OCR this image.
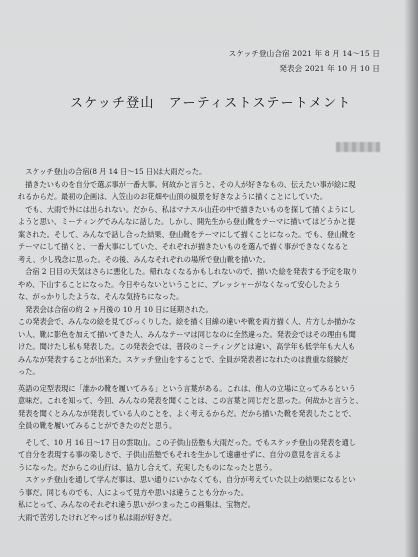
スケッチ登山合宿 2021 年 8 月 14〜15 日
発表会 2021 年 10 月 10 日
スケッチ登山　アーティストステートメント
　スケッチ登山の合宿(8 月 14 日〜15 日)は大雨だった。
　描きたいものを自分で選ぶ事が一番大事。何故かと言うと、その人が好きなもの、伝えたい事が絵に現
れるからだ。最初の企画は、入笠山のお花畑や山頂の風景を好きなように描くことにしていた。
　でも、大雨で外には出られない。だから、私はマナスル山荘の中で描きたいものを探して描くようにし
ようと思い、ミーティングでみんなに話した。しかし、開先生から登山靴をテーマに描いてはどうかと提
案された。そして、みんなで話し合った結果、登山靴をテーマにして描くことになった。でも、登山靴を
テーマにして描くと、一番大事にしていた、それぞれが描きたいものを選んで描く事ができなくなると
考え、少し残念に思った。その後、みんなそれぞれの場所で登山靴を描いた。
　合宿 2 日目の天気はさらに悪化した。帰れなくなるかもしれないので、描いた絵を発表する予定を取り
やめ、下山することになった。今日やらないということに、プレッシャーがなくなって安心したよう
な、がっかりしたような、そんな気持ちになった。
　発表会は合宿の約 2 ヶ月後の 10 月 10 日に延期された。
この発表会で、みんなの絵を見てびっくりした。絵を描く目線の違いや靴を両方描く人、片方しか描かな
い人、靴に影色を加えて描いてきた人、みんなテーマは同じなのに全然違った。発表会ではその理由も聞
けた。聞けたし私も発表した。この発表会では、普段のミーティングとは違い、高学年も低学年も大人も
みんなが発表することが出来た。スケッチ登山をすることで、全員が発表者になれたのは貴重な経験だ
った。
英語の定型表現に「誰かの靴を履いてみる」という言葉がある。これは、他人の立場に立ってみるという
意味だ。これを知って、今回、みんなの発表を聞くことは、この言葉と同じだと思った。何故かと言うと、
発表を聞くとみんなが発表している人のことを、よく考えるからだ。だから描いた靴を発表したことで、
全員の靴を履いてみることができたのだと思う。
　そして、10 月 16 日〜17 日の雲取山。この子供山岳塾も大雨だった。でもスケッチ登山の発表を通し
て自分を表現する事の楽しさで、子供山岳塾でもそれを生かして遠慮せずに、自分の意見を言えるよ
うになった。だからこの山行は、協力し合えて、充実したものになったと思う。
　スケッチ登山を通して学んだ事は、思い通りにいかなくても、自分が考えていた以上の結果になるとい
う事だ。同じものでも、人によって見方や思いは違うことも分かった。
私にとって、みんなのそれぞれ違う思いがつまったこの画集は、宝物だ。
大雨で苦労したけれどやっぱり私は雨が好きだ。
